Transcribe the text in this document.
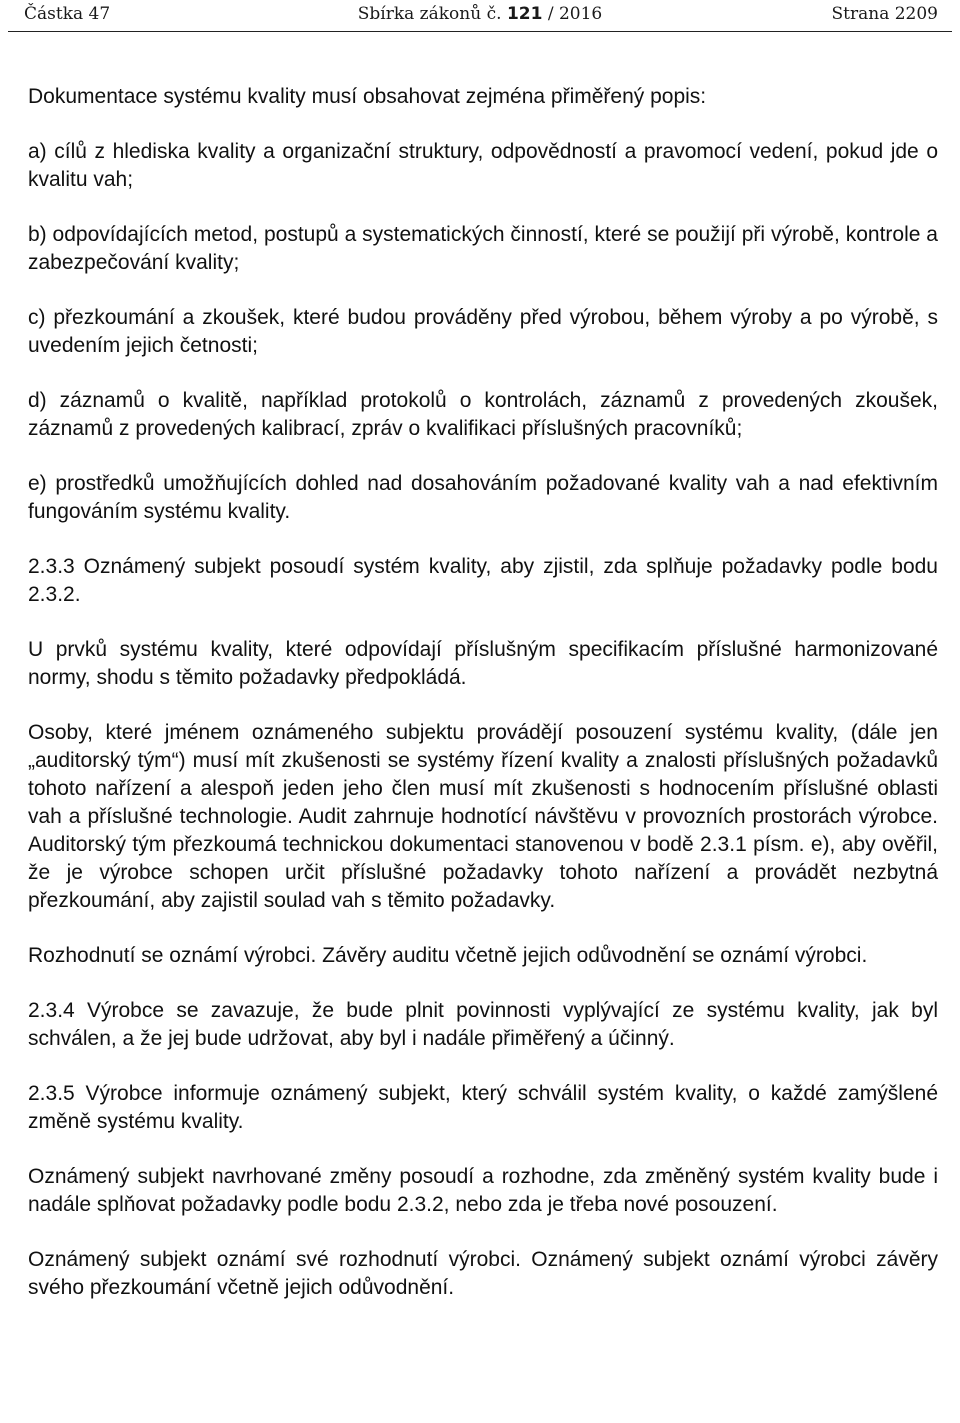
Částka 47	Sbírka zákonů č. 121 / 2016	Strana 2209

Dokumentace systému kvality musí obsahovat zejména přiměřený popis:

a) cílů z hlediska kvality a organizační struktury, odpovědností a pravomocí vedení, pokud jde o kvalitu vah;

b) odpovídajících metod, postupů a systematických činností, které se použijí při výrobě, kontrole a zabezpečování kvality;

c) přezkoumání a zkoušek, které budou prováděny před výrobou, během výroby a po výrobě, s uvedením jejich četnosti;

d) záznamů o kvalitě, například protokolů o kontrolách, záznamů z provedených zkoušek, záznamů z provedených kalibrací, zpráv o kvalifikaci příslušných pracovníků;

e) prostředků umožňujících dohled nad dosahováním požadované kvality vah a nad efektivním fungováním systému kvality.

2.3.3 Oznámený subjekt posoudí systém kvality, aby zjistil, zda splňuje požadavky podle bodu 2.3.2.

U prvků systému kvality, které odpovídají příslušným specifikacím příslušné harmonizované normy, shodu s těmito požadavky předpokládá.

Osoby, které jménem oznámeného subjektu provádějí posouzení systému kvality, (dále jen „auditorský tým“) musí mít zkušenosti se systémy řízení kvality a znalosti příslušných požadavků tohoto nařízení a alespoň jeden jeho člen musí mít zkušenosti s hodnocením příslušné oblasti vah a příslušné technologie. Audit zahrnuje hodnotící návštěvu v provozních prostorách výrobce. Auditorský tým přezkoumá technickou dokumentaci stanovenou v bodě 2.3.1 písm. e), aby ověřil, že je výrobce schopen určit příslušné požadavky tohoto nařízení a provádět nezbytná přezkoumání, aby zajistil soulad vah s těmito požadavky.

Rozhodnutí se oznámí výrobci. Závěry auditu včetně jejich odůvodnění se oznámí výrobci.

2.3.4 Výrobce se zavazuje, že bude plnit povinnosti vyplývající ze systému kvality, jak byl schválen, a že jej bude udržovat, aby byl i nadále přiměřený a účinný.

2.3.5 Výrobce informuje oznámený subjekt, který schválil systém kvality, o každé zamýšlené změně systému kvality.

Oznámený subjekt navrhované změny posoudí a rozhodne, zda změněný systém kvality bude i nadále splňovat požadavky podle bodu 2.3.2, nebo zda je třeba nové posouzení.

Oznámený subjekt oznámí své rozhodnutí výrobci. Oznámený subjekt oznámí výrobci závěry svého přezkoumání včetně jejich odůvodnění.
